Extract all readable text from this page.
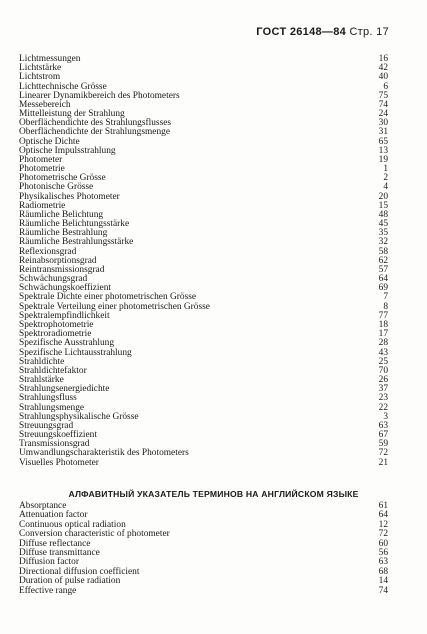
ГОСТ 26148—84 Стр. 17
Lichtmessungen	16
Lichtstärke	42
Lichtstrom	40
Lichttechnische Grösse	6
Linearer Dynamikbereich des Photometers	75
Messebereich	74
Mittelleistung der Strahlung	24
Oberflächendichte des Strahlungsflusses	30
Oberflächendichte der Strahlungsmenge	31
Optische Dichte	65
Optische Impulsstrahlung	13
Photometer	19
Photometrie	1
Photometrische Grösse	2
Photonische Grösse	4
Physikalisches Photometer	20
Radiometrie	15
Räumliche Belichtung	48
Räumliche Belichtungsstärke	45
Räumliche Bestrahlung	35
Räumliche Bestrahlungsstärke	32
Reflexionsgrad	58
Reinabsorptionsgrad	62
Reintransmissionsgrad	57
Schwächungsgrad	64
Schwächungskoeffizient	69
Spektrale Dichte einer photometrischen Grösse	7
Spektrale Verteilung einer photometrischen Grösse	8
Spektralempfindlichkeit	77
Spektrophotometrie	18
Spektroradiometrie	17
Spezifische Ausstrahlung	28
Spezifische Lichtausstrahlung	43
Strahldichte	25
Strahldichtefaktor	70
Strahlstärke	26
Strahlungsenergiedichte	37
Strahlungsfluss	23
Strahlungsmenge	22
Strahlungsphysikalische Grösse	3
Streuungsgrad	63
Streuungskoeffizient	67
Transmissionsgrad	59
Umwandlungscharakteristik des Photometers	72
Visuelles Photometer	21
АЛФАВИТНЫЙ УКАЗАТЕЛЬ ТЕРМИНОВ НА АНГЛИЙСКОМ ЯЗЫКЕ
Absorptance	61
Attenuation factor	64
Continuous optical radiation	12
Conversion characteristic of photometer	72
Diffuse reflectance	60
Diffuse transmittance	56
Diffusion factor	63
Directional diffusion coefficient	68
Duration of pulse radiation	14
Effective range	74
